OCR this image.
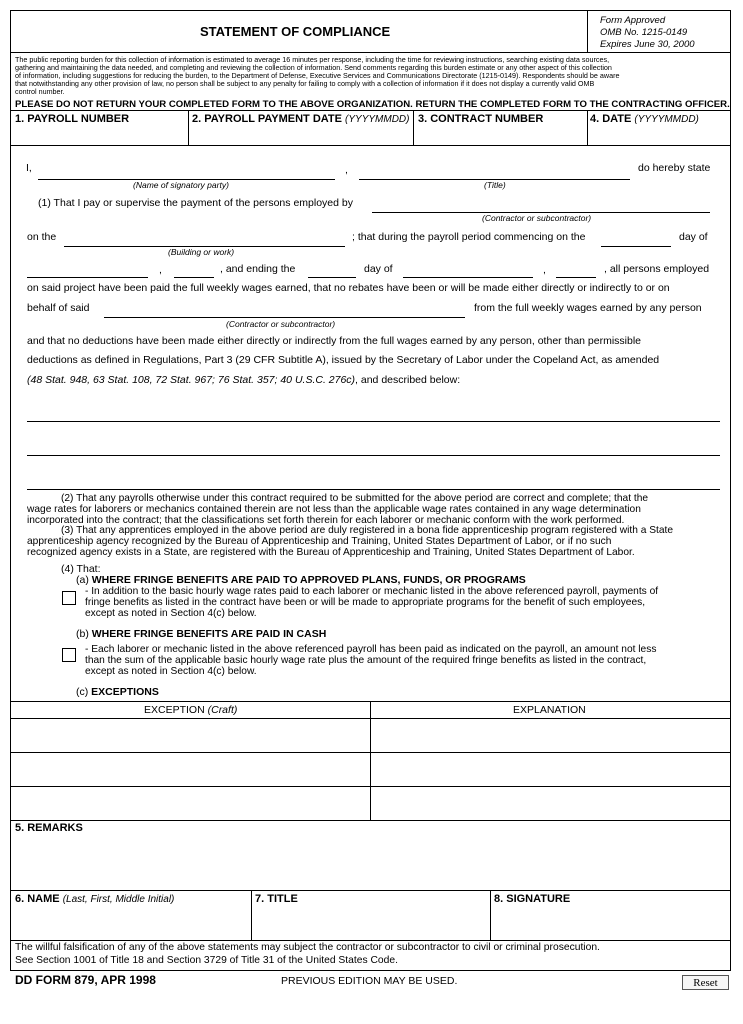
STATEMENT OF COMPLIANCE
Form Approved
OMB No. 1215-0149
Expires June 30, 2000
The public reporting burden for this collection of information is estimated to average 16 minutes per response, including the time for reviewing instructions, searching existing data sources,
gathering and maintaining the data needed, and completing and reviewing the collection of information. Send comments regarding this burden estimate or any other aspect of this collection
of information, including suggestions for reducing the burden, to the Department of Defense, Executive Services and Communications Directorate (1215-0149). Respondents should be aware
that notwithstanding any other provision of law, no person shall be subject to any penalty for failing to comply with a collection of information if it does not display a currently valid OMB
control number.
PLEASE DO NOT RETURN YOUR COMPLETED FORM TO THE ABOVE ORGANIZATION. RETURN THE COMPLETED FORM TO THE CONTRACTING OFFICER.
1. PAYROLL NUMBER	2. PAYROLL PAYMENT DATE (YYYYMMDD) 3. CONTRACT NUMBER	4. DATE (YYYYMMDD)
I,	,	do hereby state
(Name of signatory party)	(Title)
(1) That I pay or supervise the payment of the persons employed by
(Contractor or subcontractor)
on the	; that during the payroll period commencing on the	day of
(Building or work)
,	, and ending the	day of	,	, all persons employed
on said project have been paid the full weekly wages earned, that no rebates have been or will be made either directly or indirectly to or on
behalf of said	from the full weekly wages earned by any person
(Contractor or subcontractor)
and that no deductions have been made either directly or indirectly from the full wages earned by any person, other than permissible
deductions as defined in Regulations, Part 3 (29 CFR Subtitle A), issued by the Secretary of Labor under the Copeland Act, as amended
(48 Stat. 948, 63 Stat. 108, 72 Stat. 967; 76 Stat. 357; 40 U.S.C. 276c), and described below:
(2) That any payrolls otherwise under this contract required to be submitted for the above period are correct and complete; that the
wage rates for laborers or mechanics contained therein are not less than the applicable wage rates contained in any wage determination
incorporated into the contract; that the classifications set forth therein for each laborer or mechanic conform with the work performed.
(3) That any apprentices employed in the above period are duly registered in a bona fide apprenticeship program registered with a State
apprenticeship agency recognized by the Bureau of Apprenticeship and Training, United States Department of Labor, or if no such
recognized agency exists in a State, are registered with the Bureau of Apprenticeship and Training, United States Department of Labor.
(4) That:
(a) WHERE FRINGE BENEFITS ARE PAID TO APPROVED PLANS, FUNDS, OR PROGRAMS
- In addition to the basic hourly wage rates paid to each laborer or mechanic listed in the above referenced payroll, payments of
fringe benefits as listed in the contract have been or will be made to appropriate programs for the benefit of such employees,
except as noted in Section 4(c) below.
(b) WHERE FRINGE BENEFITS ARE PAID IN CASH
- Each laborer or mechanic listed in the above referenced payroll has been paid as indicated on the payroll, an amount not less
than the sum of the applicable basic hourly wage rate plus the amount of the required fringe benefits as listed in the contract,
except as noted in Section 4(c) below.
(c) EXCEPTIONS
EXCEPTION (Craft)	EXPLANATION
5. REMARKS
6. NAME (Last, First, Middle Initial)	7. TITLE	8. SIGNATURE
The willful falsification of any of the above statements may subject the contractor or subcontractor to civil or criminal prosecution.
See Section 1001 of Title 18 and Section 3729 of Title 31 of the United States Code.
DD FORM 879, APR 1998	PREVIOUS EDITION MAY BE USED.	Reset
